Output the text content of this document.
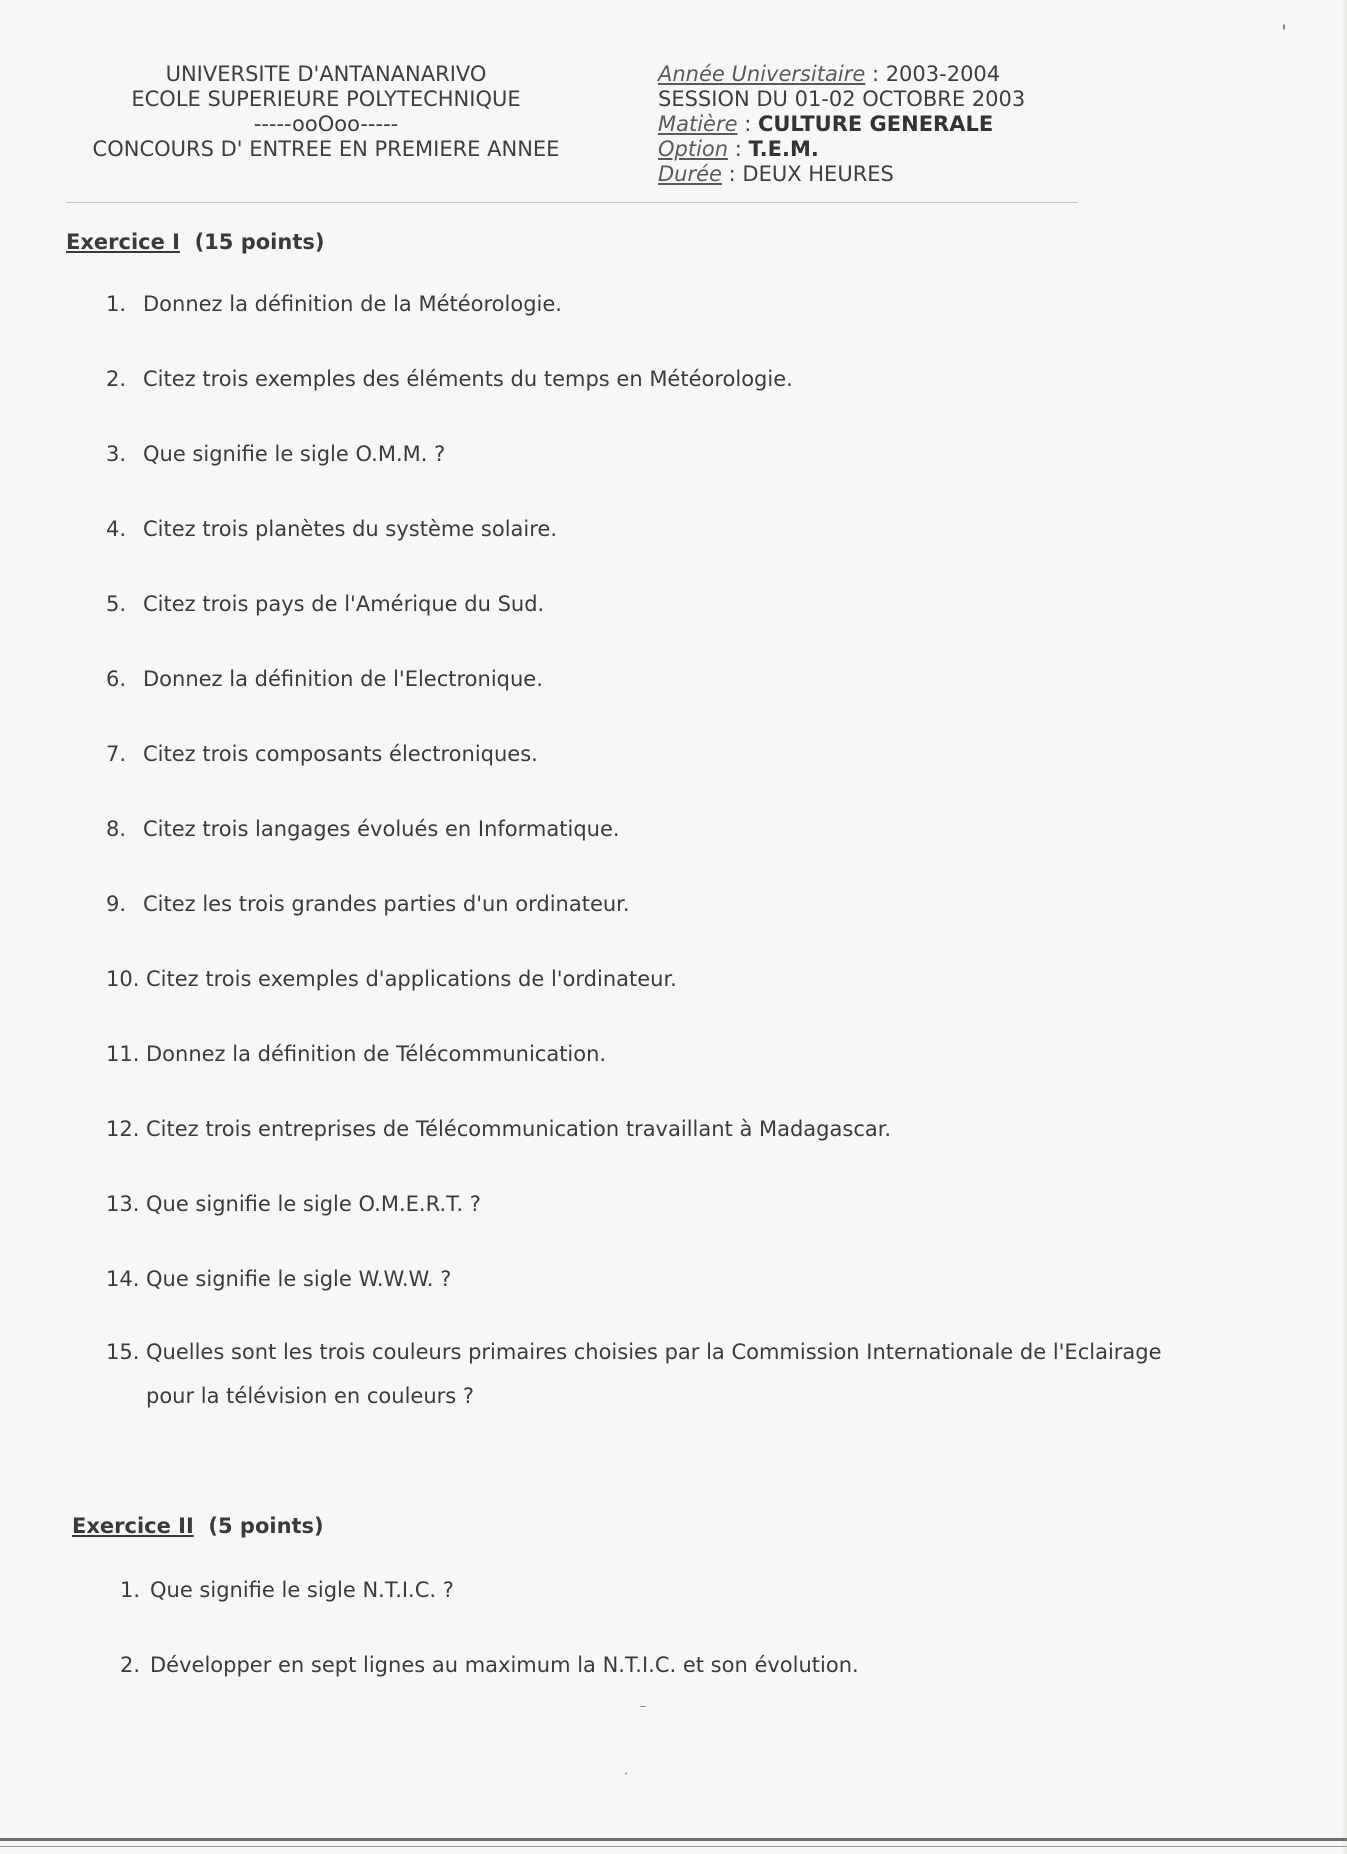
UNIVERSITE D'ANTANANARIVO
ECOLE SUPERIEURE POLYTECHNIQUE
-----ooOoo-----
CONCOURS D' ENTREE EN PREMIERE ANNEE
Année Universitaire : 2003-2004
SESSION DU 01-02 OCTOBRE 2003
Matière : CULTURE GENERALE
Option : T.E.M.
Durée : DEUX HEURES
Exercice I (15 points)
1. Donnez la définition de la Météorologie.
2. Citez trois exemples des éléments du temps en Météorologie.
3. Que signifie le sigle O.M.M. ?
4. Citez trois planètes du système solaire.
5. Citez trois pays de l'Amérique du Sud.
6. Donnez la définition de l'Electronique.
7. Citez trois composants électroniques.
8. Citez trois langages évolués en Informatique.
9. Citez les trois grandes parties d'un ordinateur.
10. Citez trois exemples d'applications de l'ordinateur.
11. Donnez la définition de Télécommunication.
12. Citez trois entreprises de Télécommunication travaillant à Madagascar.
13. Que signifie le sigle O.M.E.R.T. ?
14. Que signifie le sigle W.W.W. ?
15. Quelles sont les trois couleurs primaires choisies par la Commission Internationale de l'Eclairage
pour la télévision en couleurs ?
Exercice II (5 points)
1. Que signifie le sigle N.T.I.C. ?
2. Développer en sept lignes au maximum la N.T.I.C. et son évolution.
